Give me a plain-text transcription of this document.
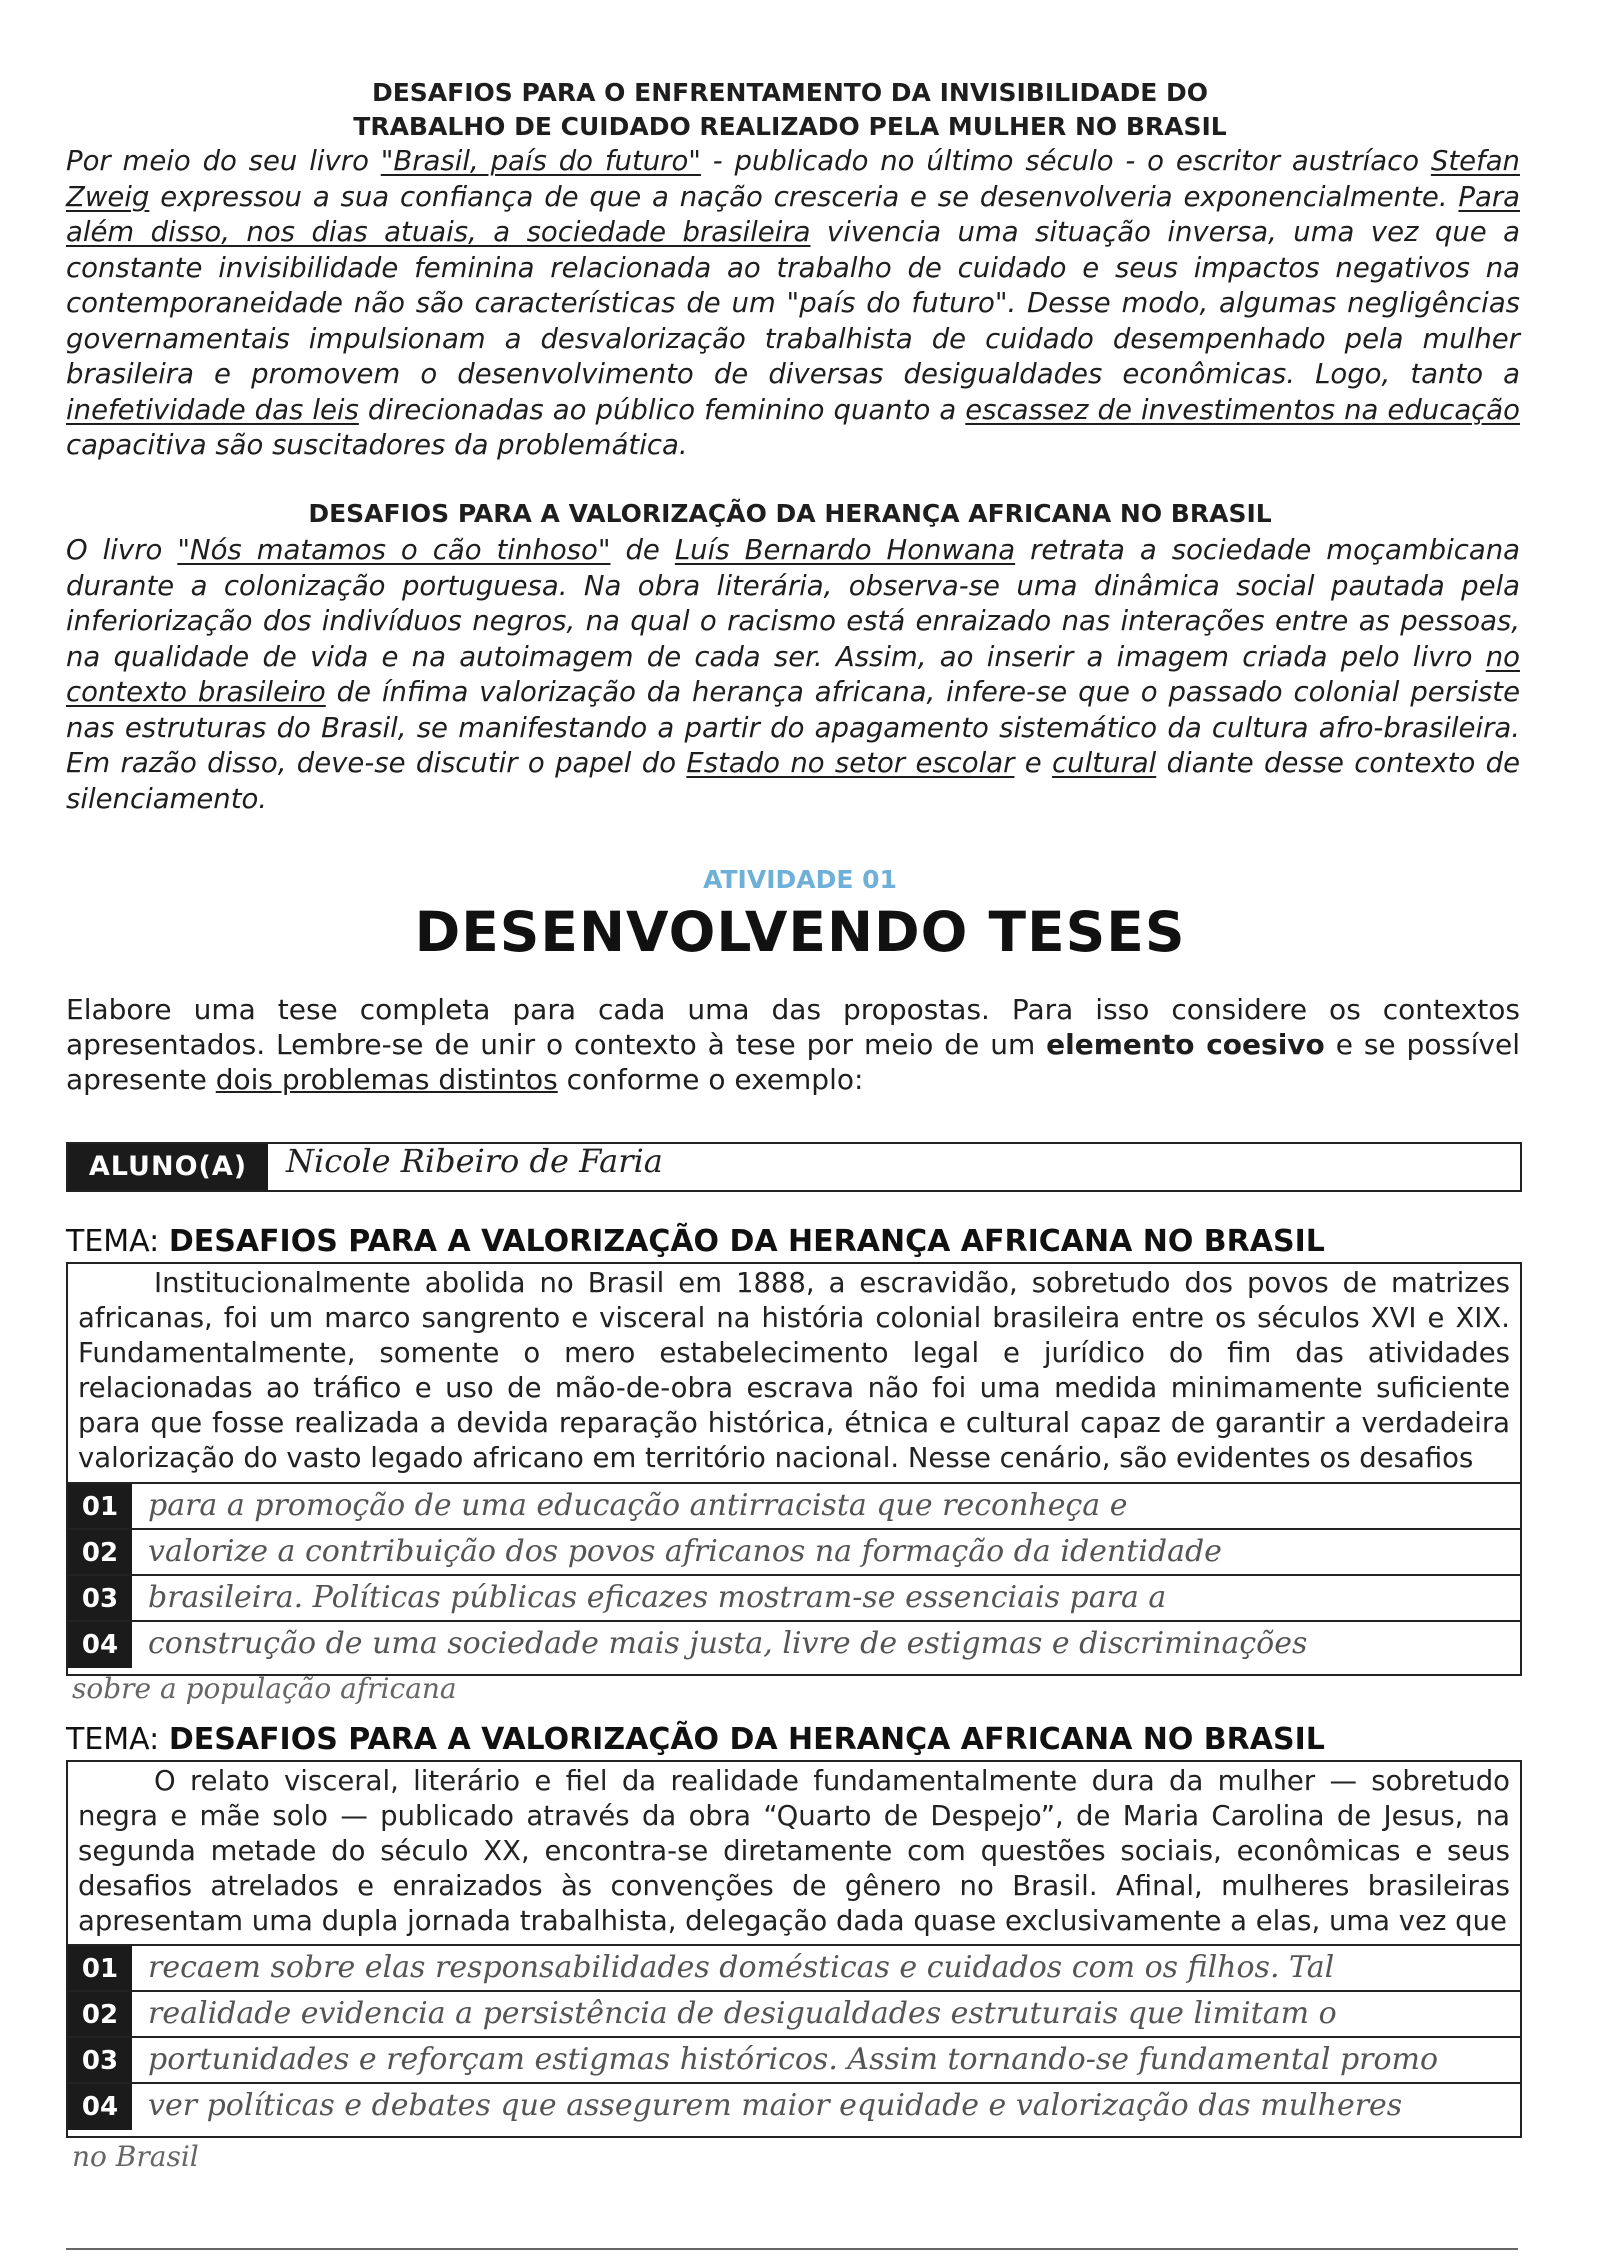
DESAFIOS PARA O ENFRENTAMENTO DA INVISIBILIDADE DO
TRABALHO DE CUIDADO REALIZADO PELA MULHER NO BRASIL
Por meio do seu livro "Brasil, país do futuro" - publicado no último século - o escritor austríaco Stefan Zweig expressou a sua confiança de que a nação cresceria e se desenvolveria exponencialmente. Para além disso, nos dias atuais, a sociedade brasileira vivencia uma situação inversa, uma vez que a constante invisibilidade feminina relacionada ao trabalho de cuidado e seus impactos negativos na contemporaneidade não são características de um "país do futuro". Desse modo, algumas negligências governamentais impulsionam a desvalorização trabalhista de cuidado desempenhado pela mulher brasileira e promovem o desenvolvimento de diversas desigualdades econômicas. Logo, tanto a inefetividade das leis direcionadas ao público feminino quanto a escassez de investimentos na educação capacitiva são suscitadores da problemática.
DESAFIOS PARA A VALORIZAÇÃO DA HERANÇA AFRICANA NO BRASIL
O livro "Nós matamos o cão tinhoso" de Luís Bernardo Honwana retrata a sociedade moçambicana durante a colonização portuguesa. Na obra literária, observa-se uma dinâmica social pautada pela inferiorização dos indivíduos negros, na qual o racismo está enraizado nas interações entre as pessoas, na qualidade de vida e na autoimagem de cada ser. Assim, ao inserir a imagem criada pelo livro no contexto brasileiro de ínfima valorização da herança africana, infere-se que o passado colonial persiste nas estruturas do Brasil, se manifestando a partir do apagamento sistemático da cultura afro-brasileira. Em razão disso, deve-se discutir o papel do Estado no setor escolar e cultural diante desse contexto de silenciamento.
ATIVIDADE 01
DESENVOLVENDO TESES
Elabore uma tese completa para cada uma das propostas. Para isso considere os contextos apresentados. Lembre-se de unir o contexto à tese por meio de um elemento coesivo e se possível apresente dois problemas distintos conforme o exemplo:
ALUNO(A)	Nicole Ribeiro de Faria
TEMA: DESAFIOS PARA A VALORIZAÇÃO DA HERANÇA AFRICANA NO BRASIL
Institucionalmente abolida no Brasil em 1888, a escravidão, sobretudo dos povos de matrizes africanas, foi um marco sangrento e visceral na história colonial brasileira entre os séculos XVI e XIX. Fundamentalmente, somente o mero estabelecimento legal e jurídico do fim das atividades relacionadas ao tráfico e uso de mão-de-obra escrava não foi uma medida minimamente suficiente para que fosse realizada a devida reparação histórica, étnica e cultural capaz de garantir a verdadeira valorização do vasto legado africano em território nacional. Nesse cenário, são evidentes os desafios
01 para a promoção de uma educação antirracista que reconheça e
02 valorize a contribuição dos povos africanos na formação da identidade
03 brasileira. Políticas públicas eficazes mostram-se essenciais para a
04 construção de uma sociedade mais justa, livre de estigmas e discriminações
sobre a população africana
TEMA: DESAFIOS PARA A VALORIZAÇÃO DA HERANÇA AFRICANA NO BRASIL
O relato visceral, literário e fiel da realidade fundamentalmente dura da mulher — sobretudo negra e mãe solo — publicado através da obra “Quarto de Despejo”, de Maria Carolina de Jesus, na segunda metade do século XX, encontra-se diretamente com questões sociais, econômicas e seus desafios atrelados e enraizados às convenções de gênero no Brasil. Afinal, mulheres brasileiras apresentam uma dupla jornada trabalhista, delegação dada quase exclusivamente a elas, uma vez que
01 recaem sobre elas responsabilidades domésticas e cuidados com os filhos. Tal
02 realidade evidencia a persistência de desigualdades estruturais que limitam o
03 portunidades e reforçam estigmas históricos. Assim tornando-se fundamental promo
04 ver políticas e debates que assegurem maior equidade e valorização das mulheres
no Brasil
